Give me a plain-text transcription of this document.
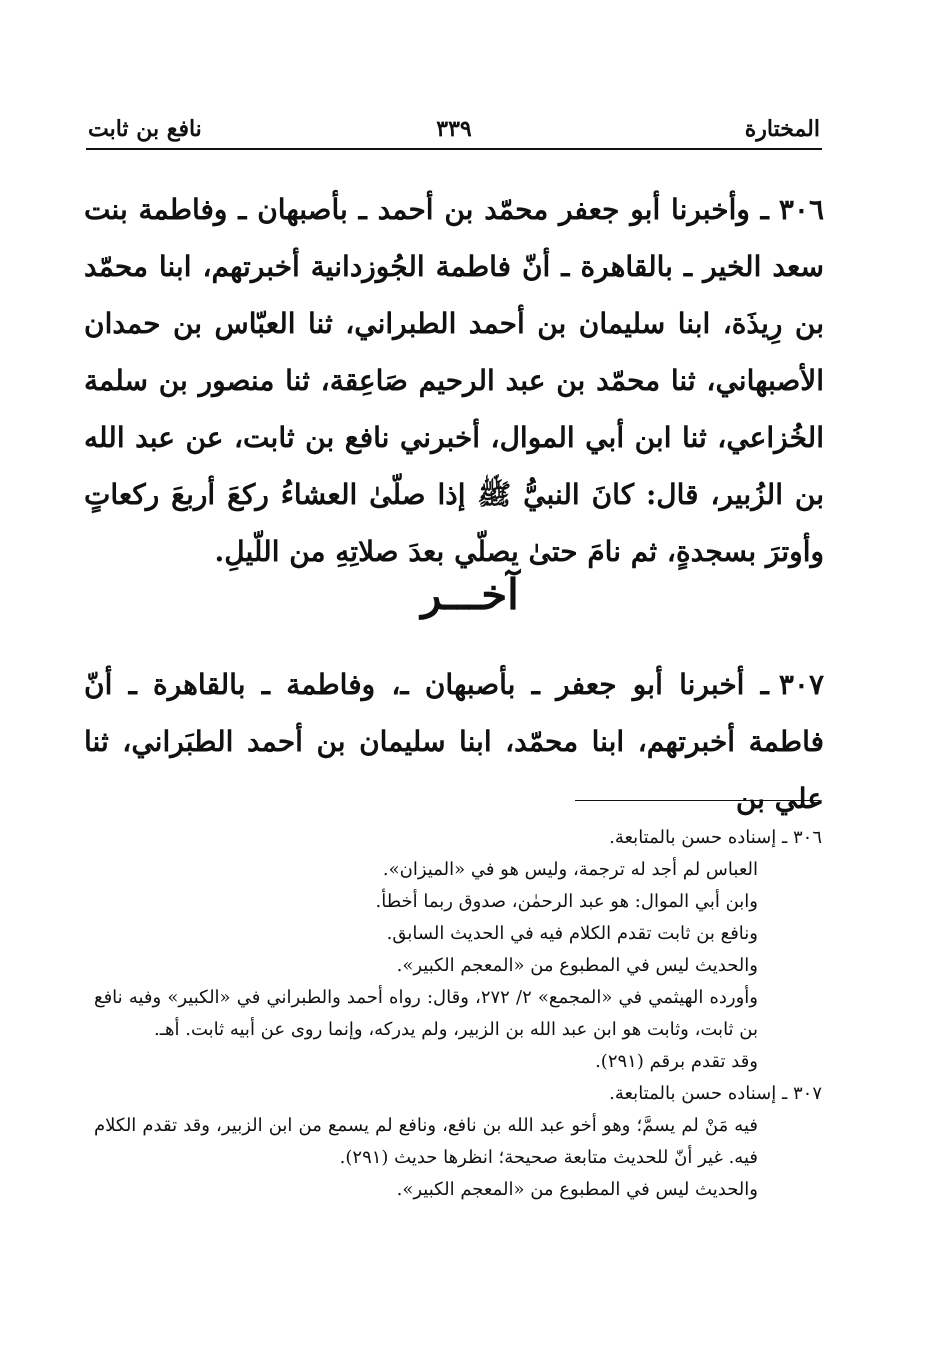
المختارة
٣٣٩
نافع بن ثابت
٣٠٦ـ وأخبرنا أبو جعفر محمّد بن أحمد ـ بأصبهان ـ وفاطمة بنت سعد الخير ـ بالقاهرة ـ أنّ فاطمة الجُوزدانية أخبرتهم، ابنا محمّد بن رِيذَة، ابنا سليمان بن أحمد الطبراني، ثنا العبّاس بن حمدان الأصبهاني، ثنا محمّد بن عبد الرحيم صَاعِقة، ثنا منصور بن سلمة الخُزاعي، ثنا ابن أبي الموال، أخبرني نافع بن ثابت، عن عبد الله بن الزُبير، قال: كانَ النبيُّ ﷺ إذا صلّىٰ العشاءُ ركعَ أربعَ ركعاتٍ وأوترَ بسجدةٍ، ثم نامَ حتىٰ يصلّي بعدَ صلاتِهِ من اللّيلِ.
آخـــر
٣٠٧ـ أخبرنا أبو جعفر ـ بأصبهان ـ، وفاطمة ـ بالقاهرة ـ أنّ فاطمة أخبرتهم، ابنا محمّد، ابنا سليمان بن أحمد الطبَراني، ثنا علي بن
٣٠٦ ـ إسناده حسن بالمتابعة.
العباس لم أجد له ترجمة، وليس هو في «الميزان».
وابن أبي الموال: هو عبد الرحمٰن، صدوق ربما أخطأ.
ونافع بن ثابت تقدم الكلام فيه في الحديث السابق.
والحديث ليس في المطبوع من «المعجم الكبير».
وأورده الهيثمي في «المجمع» ٢/ ٢٧٢، وقال: رواه أحمد والطبراني في «الكبير» وفيه نافع بن ثابت، وثابت هو ابن عبد الله بن الزبير، ولم يدركه، وإنما روى عن أبيه ثابت. أهـ.
وقد تقدم برقم (٢٩١).
٣٠٧ ـ إسناده حسن بالمتابعة.
فيه مَنْ لم يسمَّ؛ وهو أخو عبد الله بن نافع، ونافع لم يسمع من ابن الزبير، وقد تقدم الكلام فيه. غير أنّ للحديث متابعة صحيحة؛ انظرها حديث (٢٩١).
والحديث ليس في المطبوع من «المعجم الكبير».
